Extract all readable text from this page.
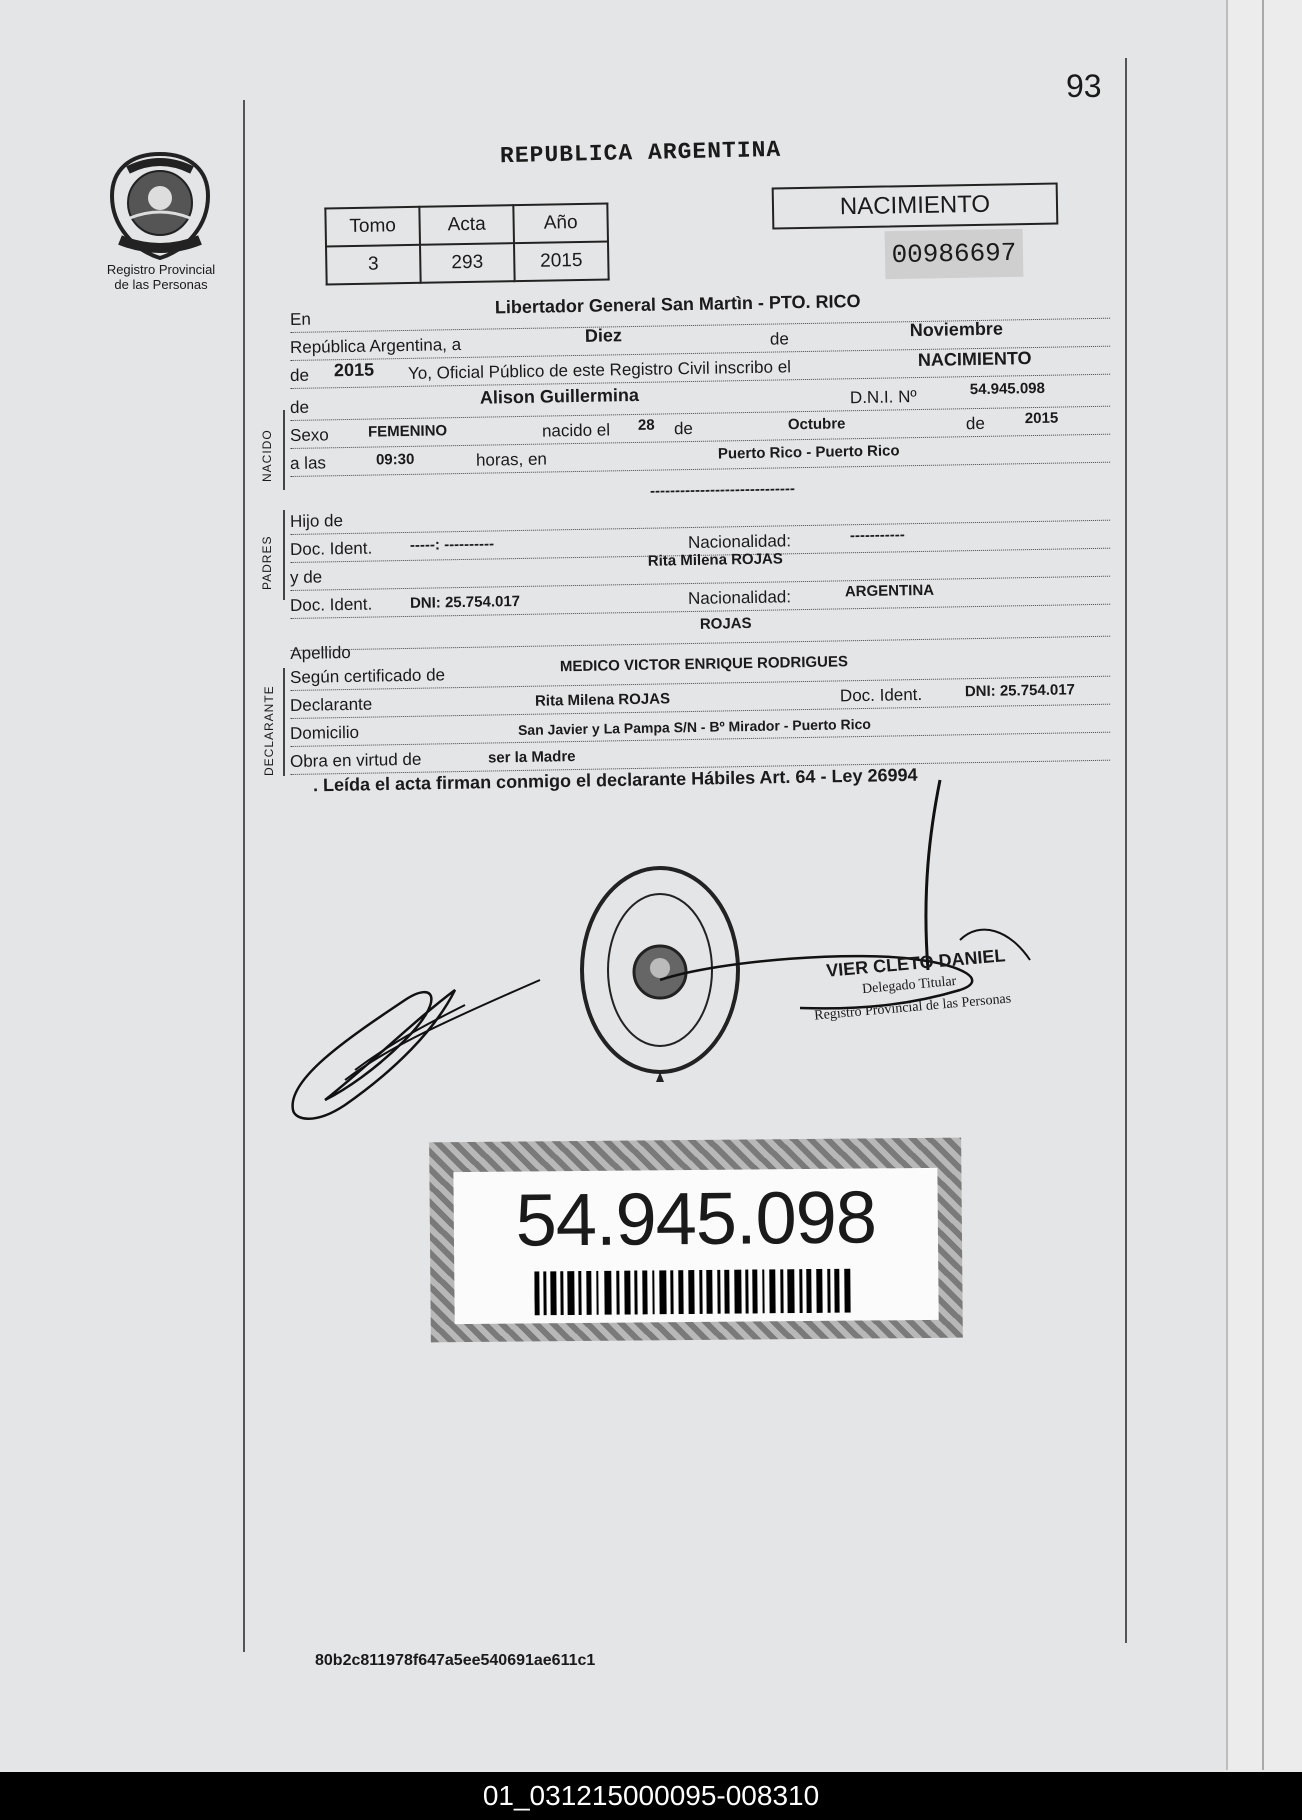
93
Registro Provincial
de las Personas
REPUBLICA ARGENTINA
Tomo	Acta	Año
3	293	2015
NACIMIENTO
00986697
En
Libertador General San Martìn - PTO. RICO
República Argentina, a	Diez	de	Noviembre
de 2015 Yo, Oficial Público de este Registro Civil inscribo el	NACIMIENTO
de	Alison Guillermina	D.N.I. Nº	54.945.098
Sexo	FEMENINO	nacido el 28 de	Octubre	de	2015
a las	09:30	horas, en	Puerto Rico - Puerto Rico
-----------------------------
Hijo de
Doc. Ident. -----: ----------	Nacionalidad:	-----------
y de
Rita Milena ROJAS
Doc. Ident. DNI: 25.754.017	Nacionalidad:	ARGENTINA
ROJAS
Apellido
Según certificado de
MEDICO VICTOR ENRIQUE RODRIGUES
Declarante	Rita Milena ROJAS	Doc. Ident.	DNI: 25.754.017
Domicilio	San Javier y La Pampa S/N - Bº Mirador - Puerto Rico
Obra en virtud de	ser la Madre
NACIDO
PADRES
DECLARANTE
. Leída el acta firman conmigo el declarante Hábiles Art. 64 - Ley 26994
VIER CLETO DANIEL
Delegado Titular
Registro Provincial de las Personas
54.945.098
80b2c811978f647a5ee540691ae611c1
01_031215000095-008310
